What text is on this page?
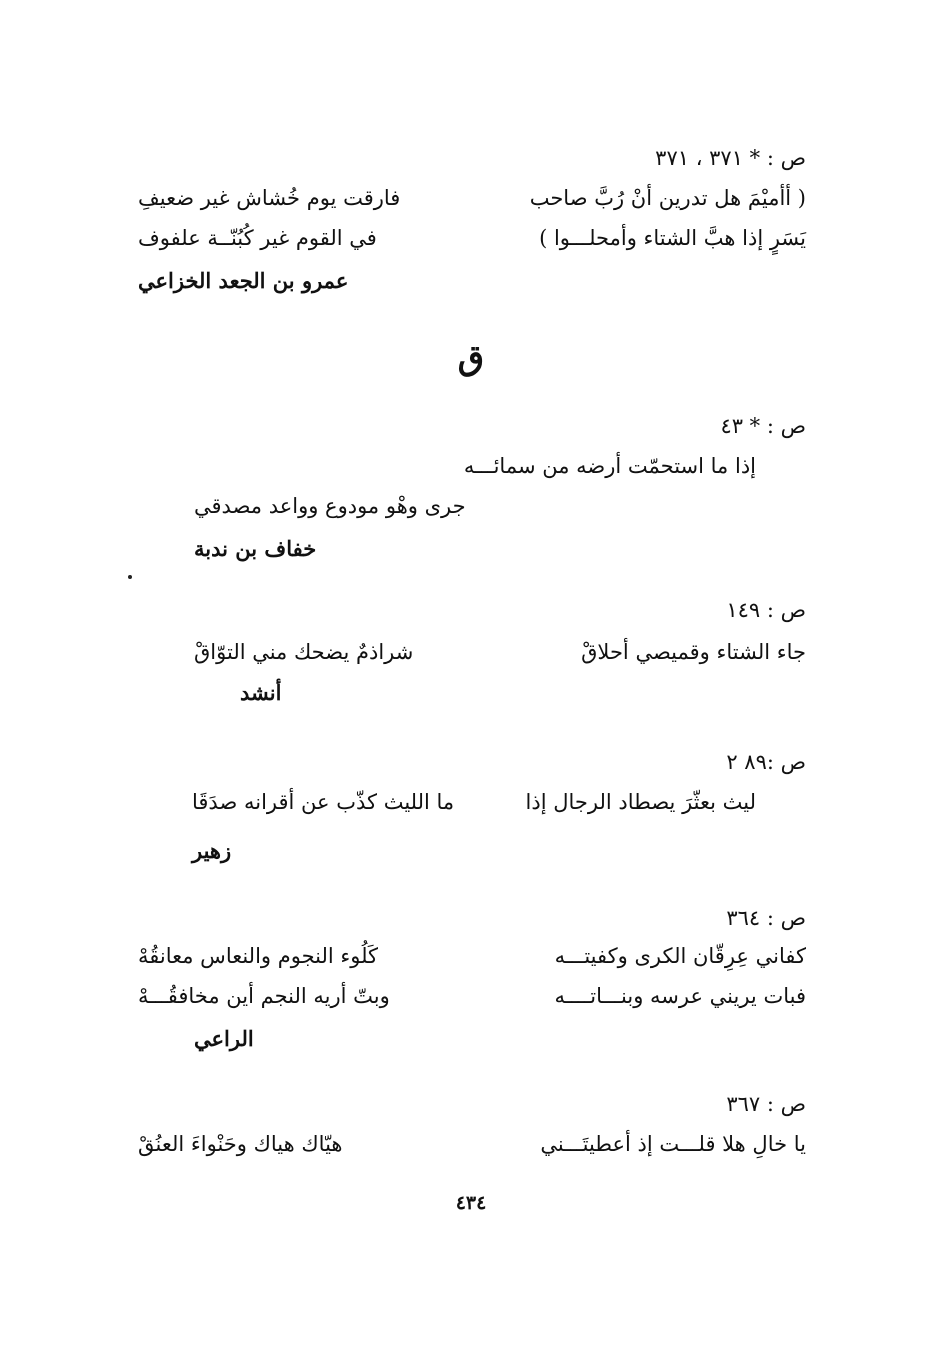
ص : * ٣٧١ ، ٣٧١
( أأميْمَ هل تدرين أنْ رُبَّ صاحب
فارقت يوم خُشاش غير ضعيفِ
يَسَرٍ إذا هبَّ الشتاء وأمحلـــوا )
في القوم غير كُبُنّــة علفوف
عمرو بن الجعد الخزاعي
ق
ص : * ٤٣
إذا ما استحمّت أرضه من سمائـــه
جرى وهْو مودوع وواعد مصدقي
خفاف بن ندبة
ص : ١٤٩
جاء الشتاء وقميصي أحلاقْ
شراذمٌ يضحك مني التوّاقْ
أنشد
ص :٨٩ ٢
ليث بعثّرَ يصطاد الرجال إذا
ما الليث كذّب عن أقرانه صدَقَا
زهير
ص : ٣٦٤
كفاني عِرِقّان الكرى وكفيتـــه
كَلُوء النجوم والنعاس معانقُهْ
فبات يريني عرسه وبنـــاتــــه
وبتّ أريه النجم أين مخافقُـــهْ
الراعي
ص : ٣٦٧
يا خالِ هلا قلـــت إذ أعطيتَـــني
هيّاك هياك وحَنْواءَ العنُقْ
٤٣٤
